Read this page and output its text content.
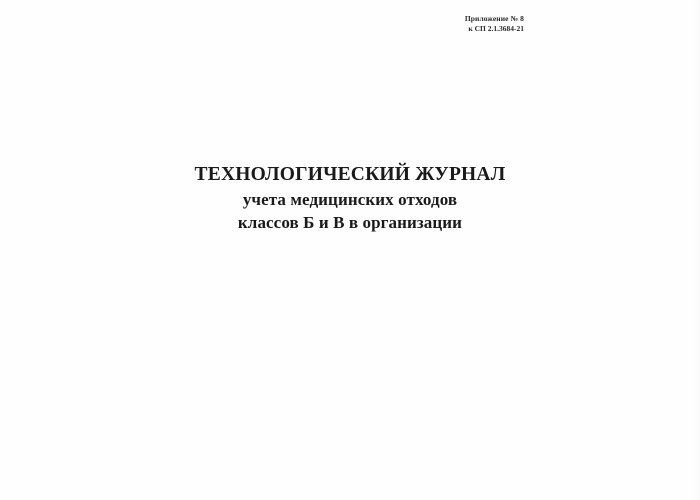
Приложение № 8
к СП 2.1.3684-21
ТЕХНОЛОГИЧЕСКИЙ ЖУРНАЛ
учета медицинских отходов
классов Б и В в организации
